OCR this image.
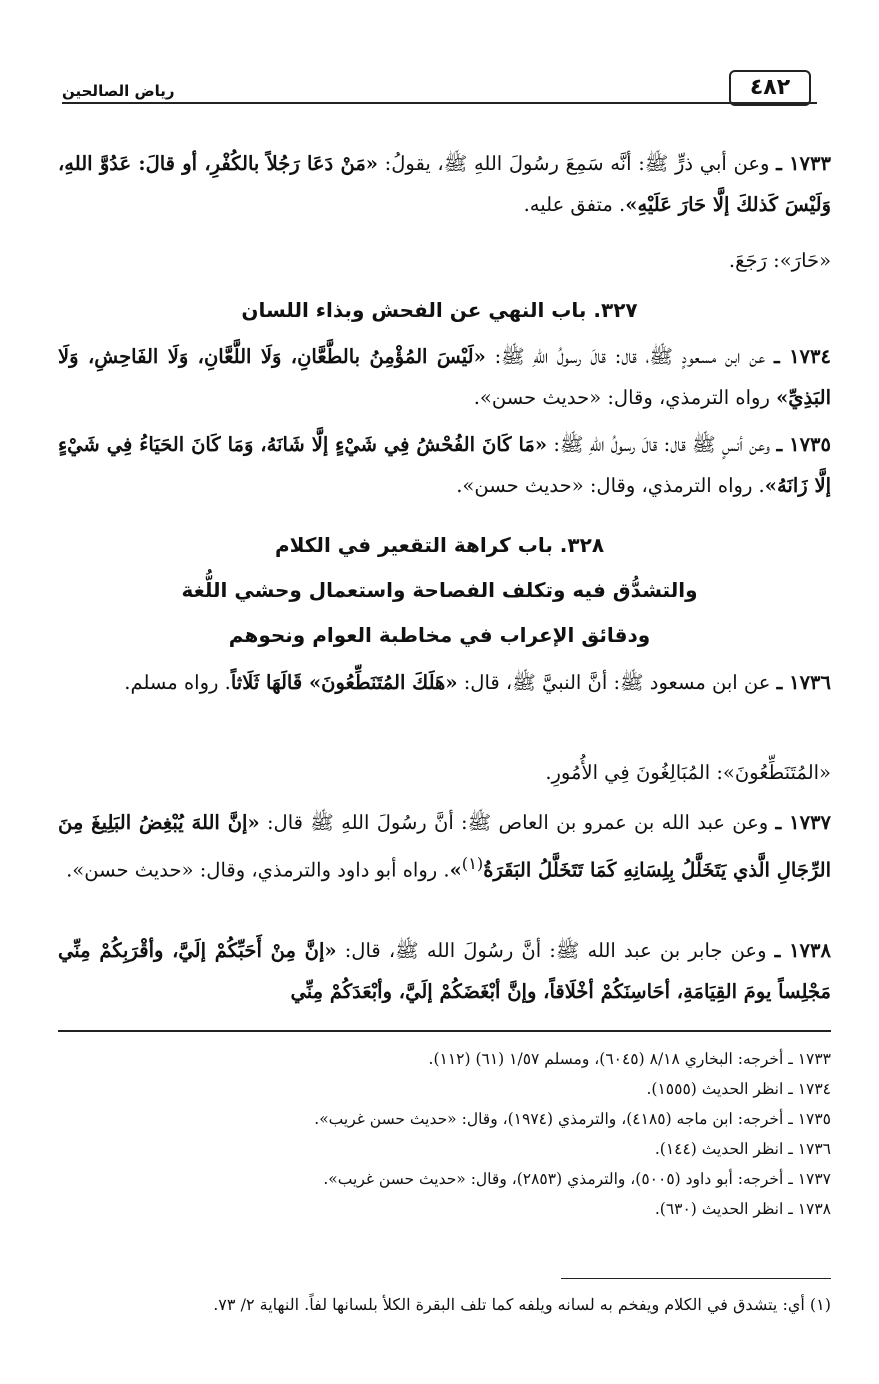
٤٨٢
رياض الصالحين

١٧٣٣ ـ وعن أبي ذرٍّ ﷺ: أنَّه سَمِعَ رسُولَ اللهِ ﷺ، يقولُ: «مَنْ دَعَا رَجُلاً بالكُفْرِ، أو قالَ: عَدُوَّ اللهِ، وَلَيْسَ كَذلكَ إلَّا حَارَ عَلَيْهِ». متفق عليه.

«حَارَ»: رَجَعَ.

٣٢٧. باب النهي عن الفحش وبذاء اللسان

١٧٣٤ ـ عن ابن مسعودٍ ﷺ، قال: قالَ رسولُ اللهِ ﷺ: «لَيْسَ المُؤْمِنُ بالطَّعَّانِ، وَلَا اللَّعَّانِ، وَلَا الفَاحِشِ، وَلَا البَذِيِّ» رواه الترمذي، وقال: «حديث حسن».

١٧٣٥ ـ وعن أنسٍ ﷺ قال: قالَ رسولُ اللهِ ﷺ: «مَا كَانَ الفُحْشُ فِي شَيْءٍ إلَّا شَانَهُ، وَمَا كَانَ الحَيَاءُ فِي شَيْءٍ إلَّا زَانَهُ». رواه الترمذي، وقال: «حديث حسن».

٣٢٨. باب كراهة التقعير في الكلام
والتشدُّق فيه وتكلف الفصاحة واستعمال وحشي اللُّغة
ودقائق الإعراب في مخاطبة العوام ونحوهم

١٧٣٦ ـ عن ابن مسعود ﷺ: أنَّ النبيَّ ﷺ، قال: «هَلَكَ المُتَنَطِّعُونَ» قَالَهَا ثَلَاثاً. رواه مسلم.

«المُتَنَطِّعُونَ»: المُبَالِغُونَ فِي الأُمُورِ.

١٧٣٧ ـ وعن عبد الله بن عمرو بن العاص ﷺ: أنَّ رسُولَ اللهِ ﷺ قال: «إنَّ اللهَ يُبْغِضُ البَلِيغَ مِنَ الرِّجَالِ الَّذي يَتَخَلَّلُ بِلِسَانِهِ كَمَا تَتَخَلَّلُ البَقَرَةُ$^{(١)}$». رواه أبو داود والترمذي، وقال: «حديث حسن».

١٧٣٨ ـ وعن جابر بن عبد الله ﷺ: أنَّ رسُولَ الله ﷺ، قال: «إنَّ مِنْ أَحَبِّكُمْ إلَيَّ، وأقْرَبِكُمْ مِنِّي مَجْلِساً يومَ القِيَامَةِ، أحَاسِنَكُمْ أخْلَاقاً، وإنَّ أبْغَضَكُمْ إلَيَّ، وأبْعَدَكُمْ مِنِّي

١٧٣٣ ـ أخرجه: البخاري ٨/١٨ (٦٠٤٥)، ومسلم ١/٥٧ (٦١) (١١٢).
١٧٣٤ ـ انظر الحديث (١٥٥٥).
١٧٣٥ ـ أخرجه: ابن ماجه (٤١٨٥)، والترمذي (١٩٧٤)، وقال: «حديث حسن غريب».
١٧٣٦ ـ انظر الحديث (١٤٤).
١٧٣٧ ـ أخرجه: أبو داود (٥٠٠٥)، والترمذي (٢٨٥٣)، وقال: «حديث حسن غريب».
١٧٣٨ ـ انظر الحديث (٦٣٠).
(١) أي: يتشدق في الكلام ويفخم به لسانه ويلفه كما تلف البقرة الكلأ بلسانها لفاً. النهاية ٢/ ٧٣.
